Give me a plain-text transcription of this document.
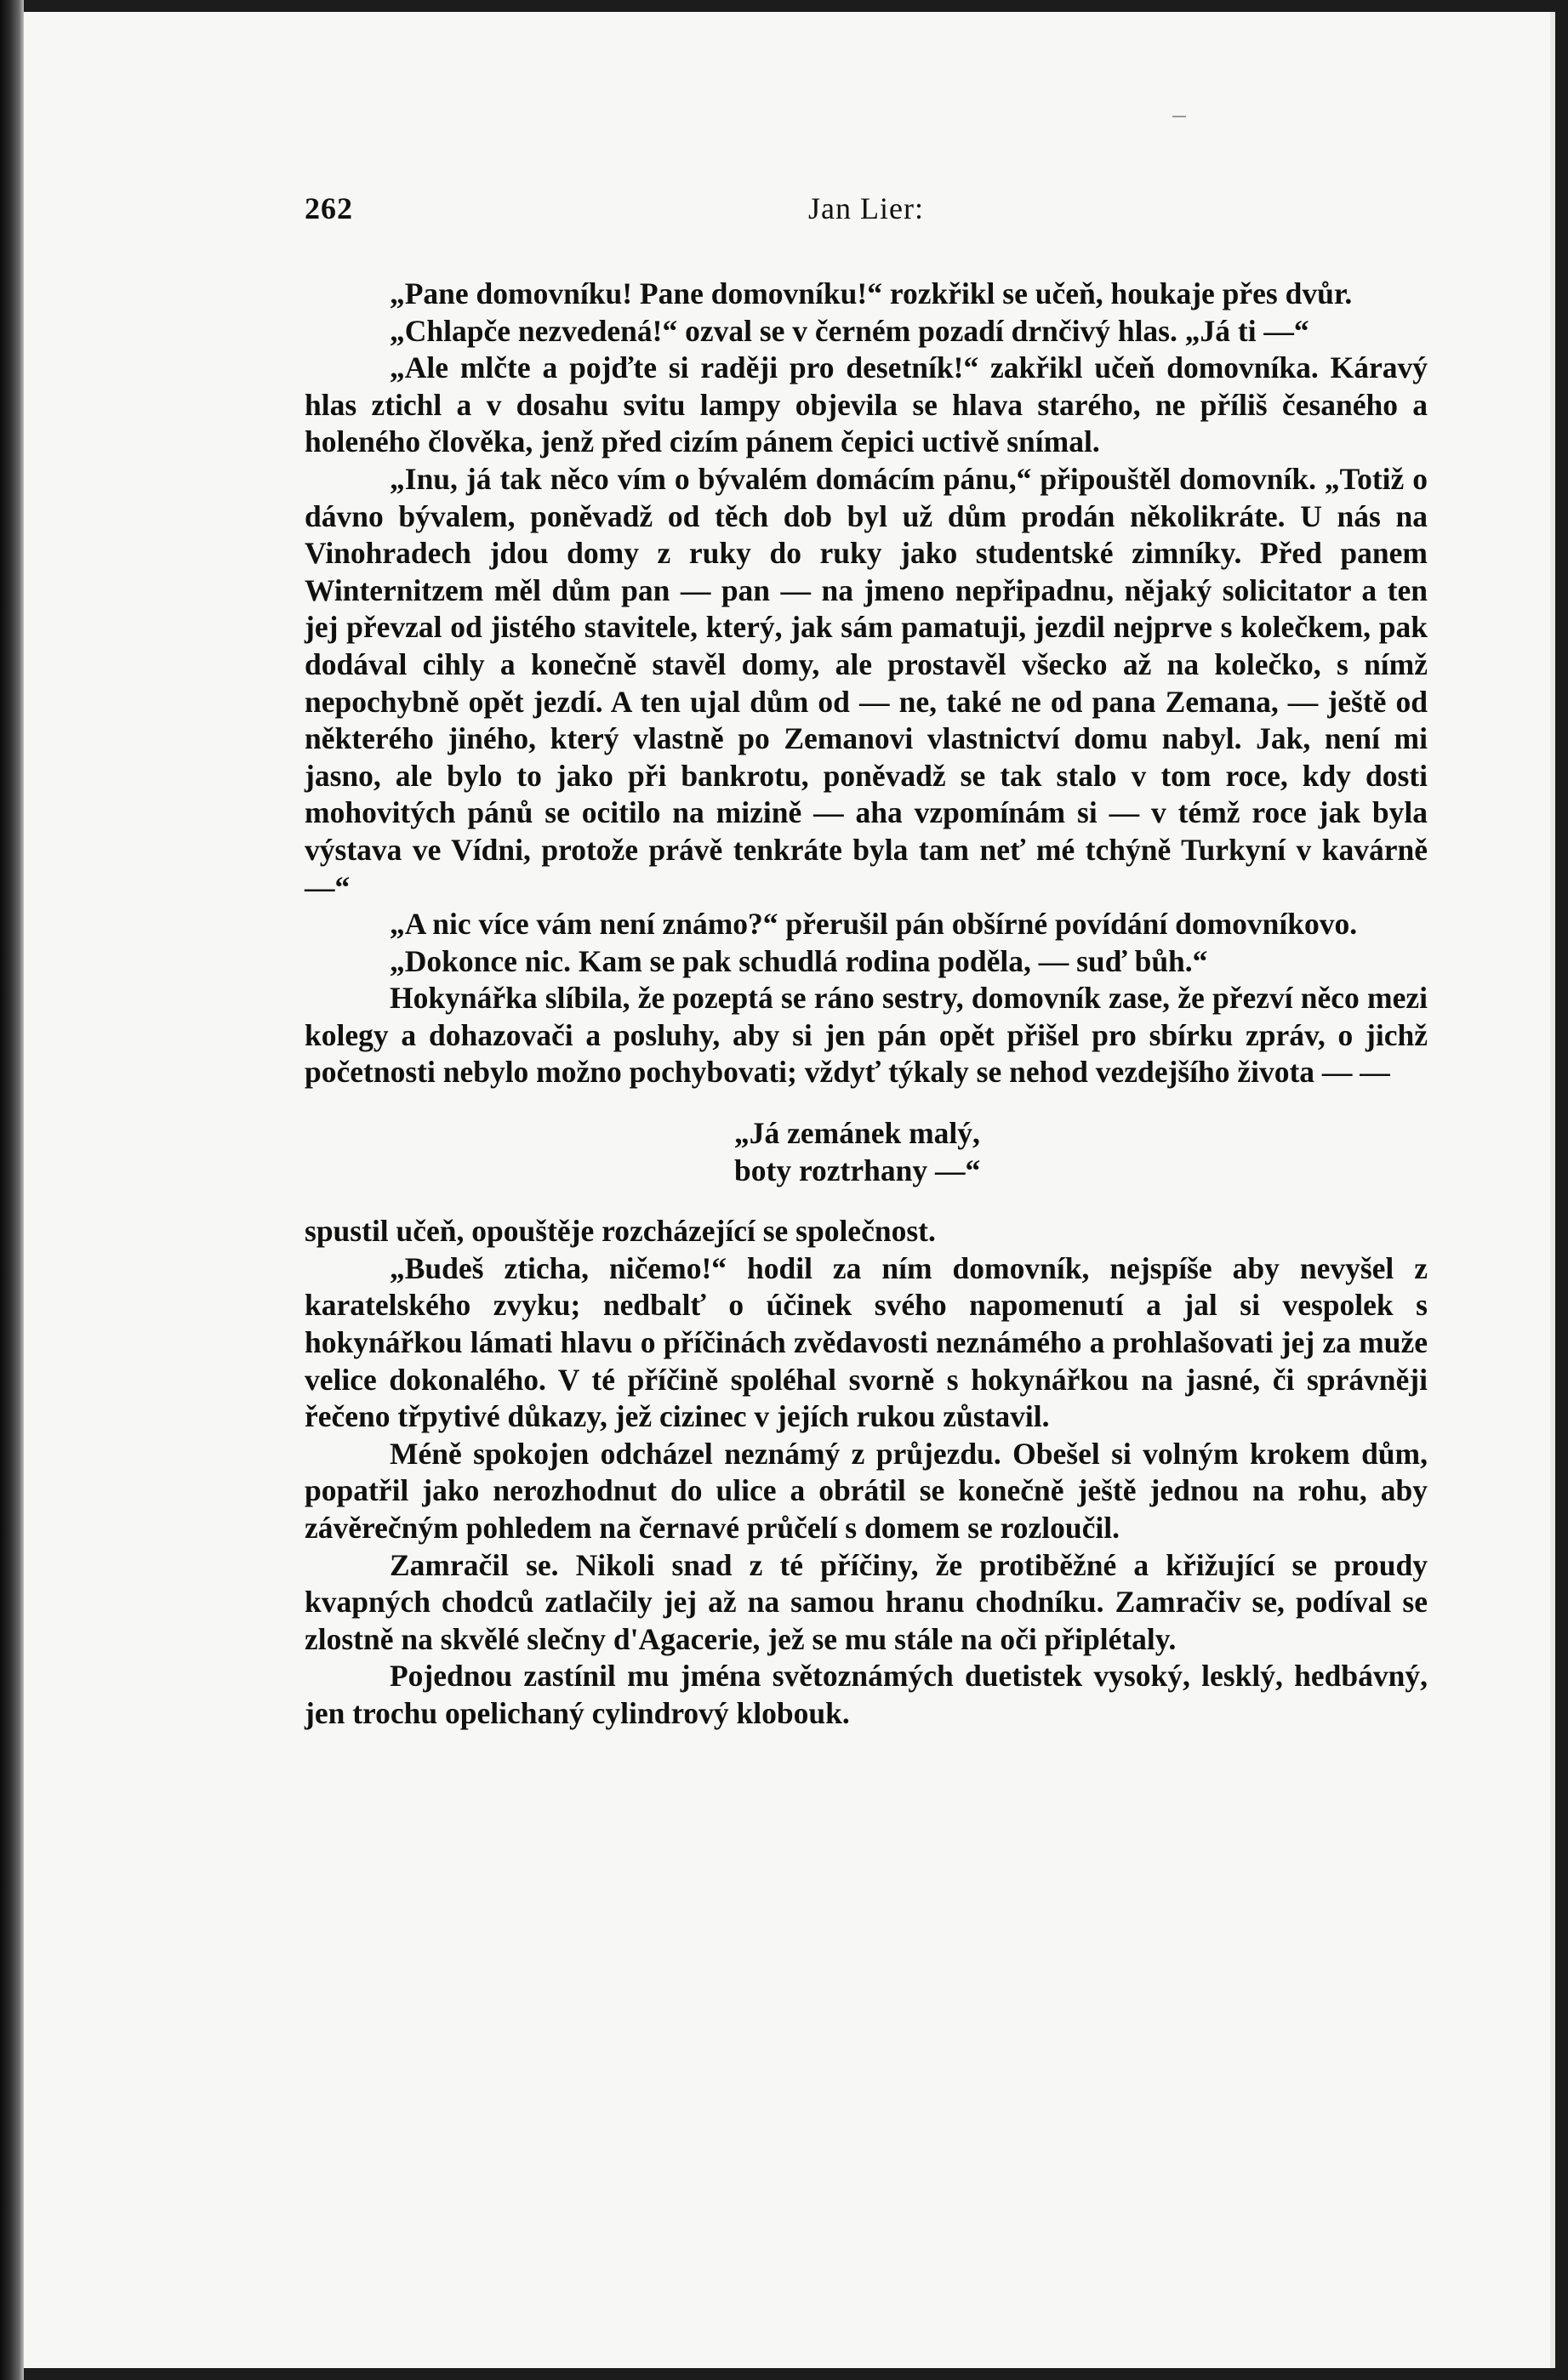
262	Jan Lier:

„Pane domovníku! Pane domovníku!“ rozkřikl se učeň, houkaje přes dvůr.

„Chlapče nezvedená!“ ozval se v černém pozadí drnčivý hlas. „Já ti —“

„Ale mlčte a pojďte si raději pro desetník!“ zakřikl učeň domovníka. Káravý hlas ztichl a v dosahu svitu lampy objevila se hlava starého, ne příliš česaného a holeného člověka, jenž před cizím pánem čepici uctivě snímal.

„Inu, já tak něco vím o bývalém domácím pánu,“ připouštěl domovník. „Totiž o dávno bývalem, poněvadž od těch dob byl už dům prodán několikráte. U nás na Vinohradech jdou domy z ruky do ruky jako studentské zimníky. Před panem Winternitzem měl dům pan — pan — na jmeno nepřipadnu, nějaký solicitator a ten jej převzal od jistého stavitele, který, jak sám pamatuji, jezdil nejprve s kolečkem, pak dodával cihly a konečně stavěl domy, ale prostavěl všecko až na kolečko, s nímž nepochybně opět jezdí. A ten ujal dům od — ne, také ne od pana Zemana, — ještě od některého jiného, který vlastně po Zemanovi vlastnictví domu nabyl. Jak, není mi jasno, ale bylo to jako při bankrotu, poněvadž se tak stalo v tom roce, kdy dosti mohovitých pánů se ocitilo na mizině — aha vzpomínám si — v témž roce jak byla výstava ve Vídni, protože právě tenkráte byla tam neť mé tchýně Turkyní v kavárně —“

„A nic více vám není známo?“ přerušil pán obšírné povídání domovníkovo.

„Dokonce nic. Kam se pak schudlá rodina poděla, — suď bůh.“

Hokynářka slíbila, že pozeptá se ráno sestry, domovník zase, že přezví něco mezi kolegy a dohazovači a posluhy, aby si jen pán opět přišel pro sbírku zpráv, o jichž početnosti nebylo možno pochybovati; vždyť týkaly se nehod vezdejšího života — —

„Já zemánek malý,
boty roztrhany —“

spustil učeň, opouštěje rozcházející se společnost.

„Budeš zticha, ničemo!“ hodil za ním domovník, nejspíše aby nevyšel z karatelského zvyku; nedbalť o účinek svého napomenutí a jal si vespolek s hokynářkou lámati hlavu o příčinách zvědavosti neznámého a prohlašovati jej za muže velice dokonalého. V té příčině spoléhal svorně s hokynářkou na jasné, či správněji řečeno třpytivé důkazy, jež cizinec v jejích rukou zůstavil.

Méně spokojen odcházel neznámý z průjezdu. Obešel si volným krokem dům, popatřil jako nerozhodnut do ulice a obrátil se konečně ještě jednou na rohu, aby závěrečným pohledem na černavé průčelí s domem se rozloučil.

Zamračil se. Nikoli snad z té příčiny, že protiběžné a křižující se proudy kvapných chodců zatlačily jej až na samou hranu chodníku. Zamračiv se, podíval se zlostně na skvělé slečny d'Agacerie, jež se mu stále na oči připlétaly.

Pojednou zastínil mu jména světoznámých duetistek vysoký, lesklý, hedbávný, jen trochu opelichaný cylindrový klobouk.
